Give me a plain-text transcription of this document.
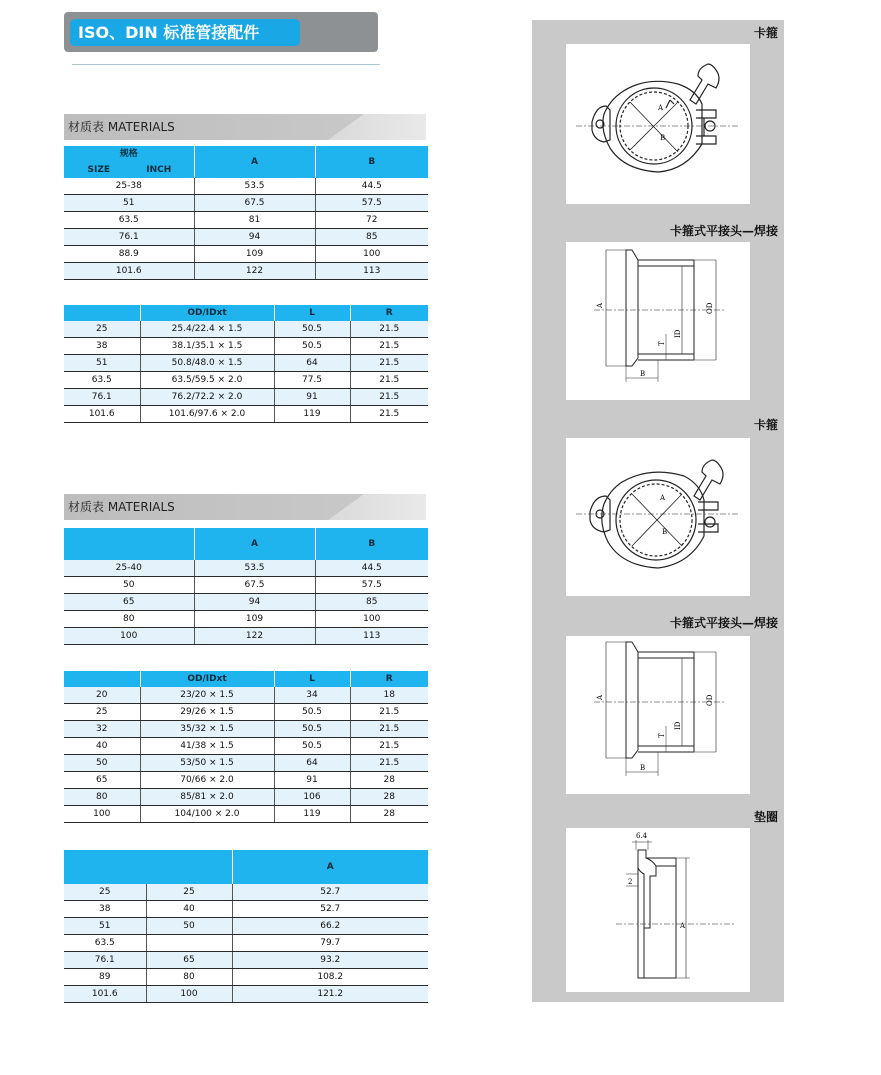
ISO、DIN 标准管接配件
材质表 MATERIALS
规格	A	B
SIZE INCH		
25-38	53.5	44.5
51	67.5	57.5
63.5	81	72
76.1	94	85
88.9	109	100
101.6	122	113
	OD/IDxt	L	R
25	25.4/22.4 × 1.5	50.5	21.5
38	38.1/35.1 × 1.5	50.5	21.5
51	50.8/48.0 × 1.5	64	21.5
63.5	63.5/59.5 × 2.0	77.5	21.5
76.1	76.2/72.2 × 2.0	91	21.5
101.6	101.6/97.6 × 2.0	119	21.5
材质表 MATERIALS
	A	B
25-40	53.5	44.5
50	67.5	57.5
65	94	85
80	109	100
100	122	113
	OD/IDxt	L	R
20	23/20 × 1.5	34	18
25	29/26 × 1.5	50.5	21.5
32	35/32 × 1.5	50.5	21.5
40	41/38 × 1.5	50.5	21.5
50	53/50 × 1.5	64	21.5
65	70/66 × 2.0	91	28
80	85/81 × 2.0	106	28
100	104/100 × 2.0	119	28
		A
25	25	52.7
38	40	52.7
51	50	66.2
63.5		79.7
76.1	65	93.2
89	80	108.2
101.6	100	121.2
卡箍
A
B
卡箍式平接头—焊接
A	OD
ID
T
B
卡箍
A
B
卡箍式平接头—焊接
A	OD
ID
T
B
垫圈
6.4
2
A
